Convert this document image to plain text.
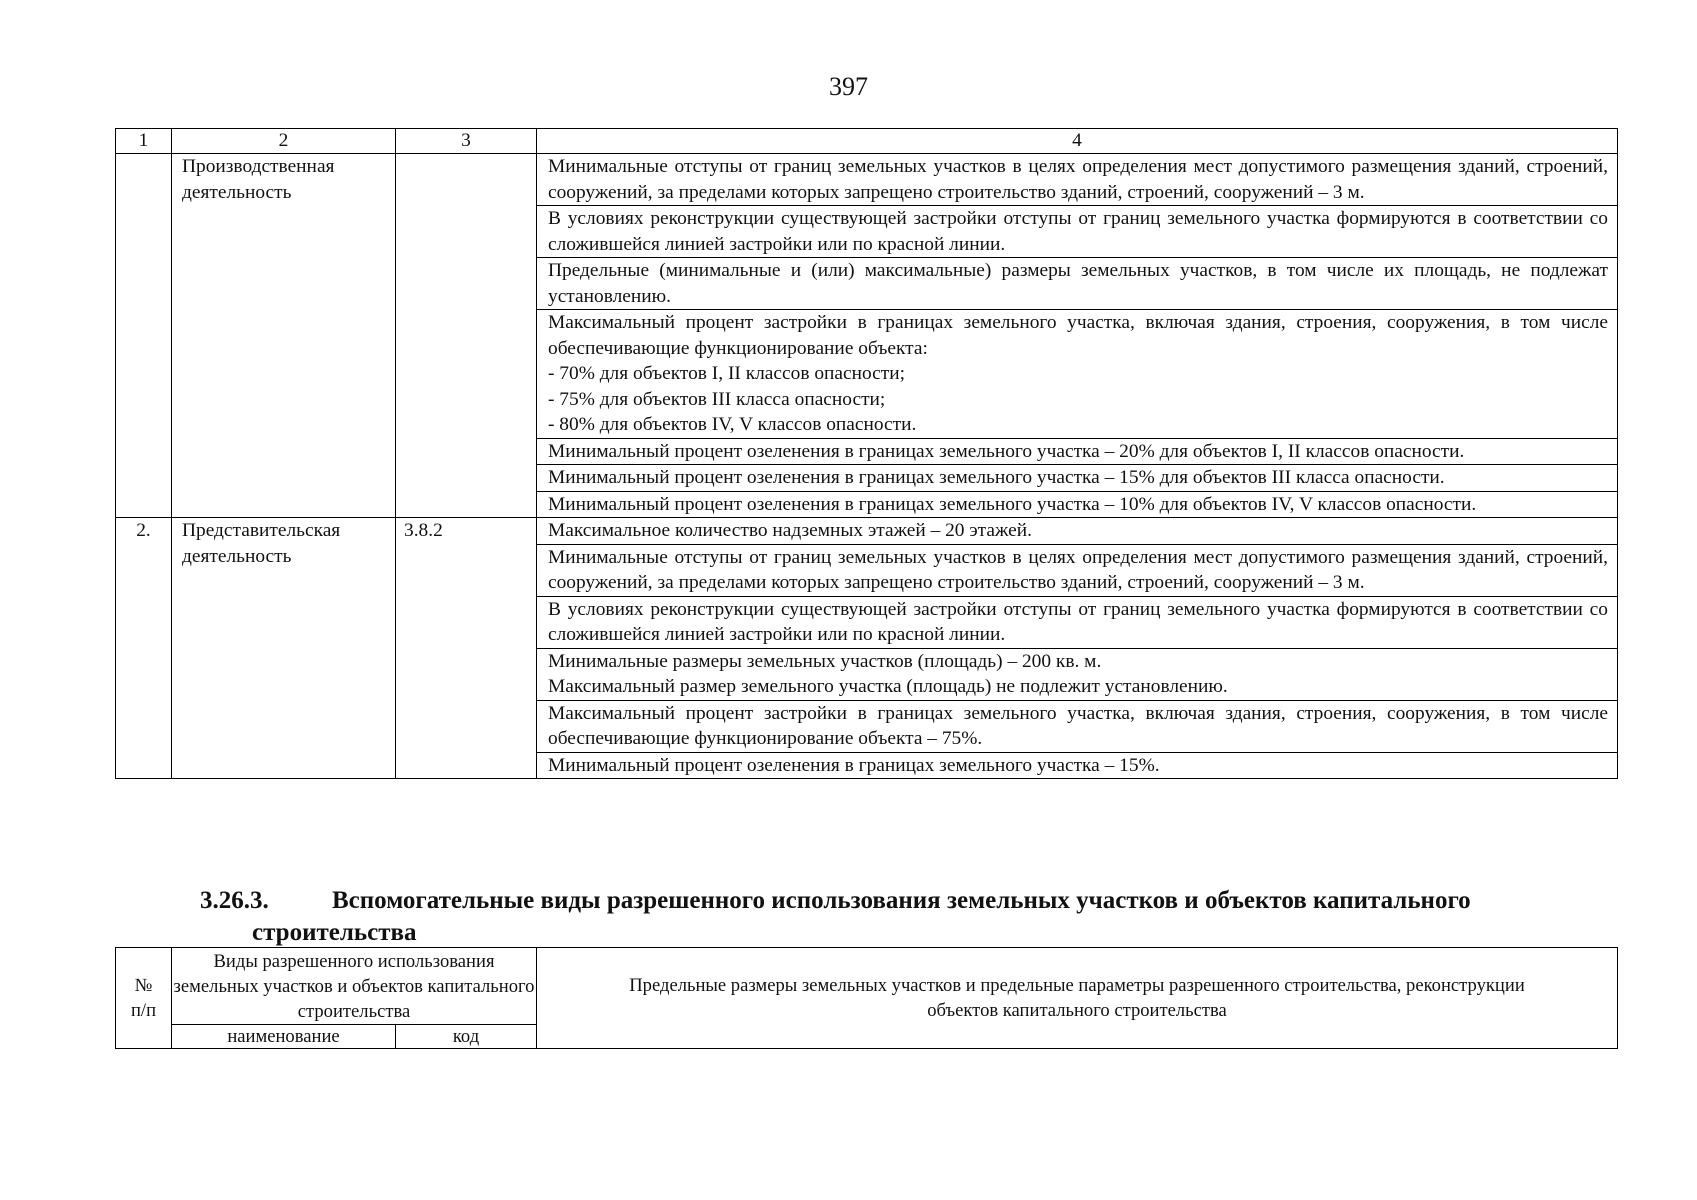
397
1	2	3	4
	Производственная деятельность		Минимальные отступы от границ земельных участков в целях определения мест допустимого размещения зданий, строений, сооружений, за пределами которых запрещено строительство зданий, строений, сооружений – 3 м.
			В условиях реконструкции существующей застройки отступы от границ земельного участка формируются в соответствии со сложившейся линией застройки или по красной линии.
			Предельные (минимальные и (или) максимальные) размеры земельных участков, в том числе их площадь, не подлежат установлению.
			Максимальный процент застройки в границах земельного участка, включая здания, строения, сооружения, в том числе обеспечивающие функционирование объекта:
- 70% для объектов I, II классов опасности;
- 75% для объектов III класса опасности;
- 80% для объектов IV, V классов опасности.
			Минимальный процент озеленения в границах земельного участка – 20% для объектов I, II классов опасности.
			Минимальный процент озеленения в границах земельного участка – 15% для объектов III класса опасности.
			Минимальный процент озеленения в границах земельного участка – 10% для объектов IV, V классов опасности.
2.	Представительская деятельность	3.8.2	Максимальное количество надземных этажей – 20 этажей.
			Минимальные отступы от границ земельных участков в целях определения мест допустимого размещения зданий, строений, сооружений, за пределами которых запрещено строительство зданий, строений, сооружений – 3 м.
			В условиях реконструкции существующей застройки отступы от границ земельного участка формируются в соответствии со сложившейся линией застройки или по красной линии.
			Минимальные размеры земельных участков (площадь) – 200 кв. м.
Максимальный размер земельного участка (площадь) не подлежит установлению.
			Максимальный процент застройки в границах земельного участка, включая здания, строения, сооружения, в том числе обеспечивающие функционирование объекта – 75%.
			Минимальный процент озеленения в границах земельного участка – 15%.
3.26.3.	Вспомогательные виды разрешенного использования земельных участков и объектов капитального
строительства
№
п/п	Виды разрешенного использования земельных участков и объектов капитального строительства		Предельные размеры земельных участков и предельные параметры разрешенного строительства, реконструкции объектов капитального строительства
	наименование	код	
